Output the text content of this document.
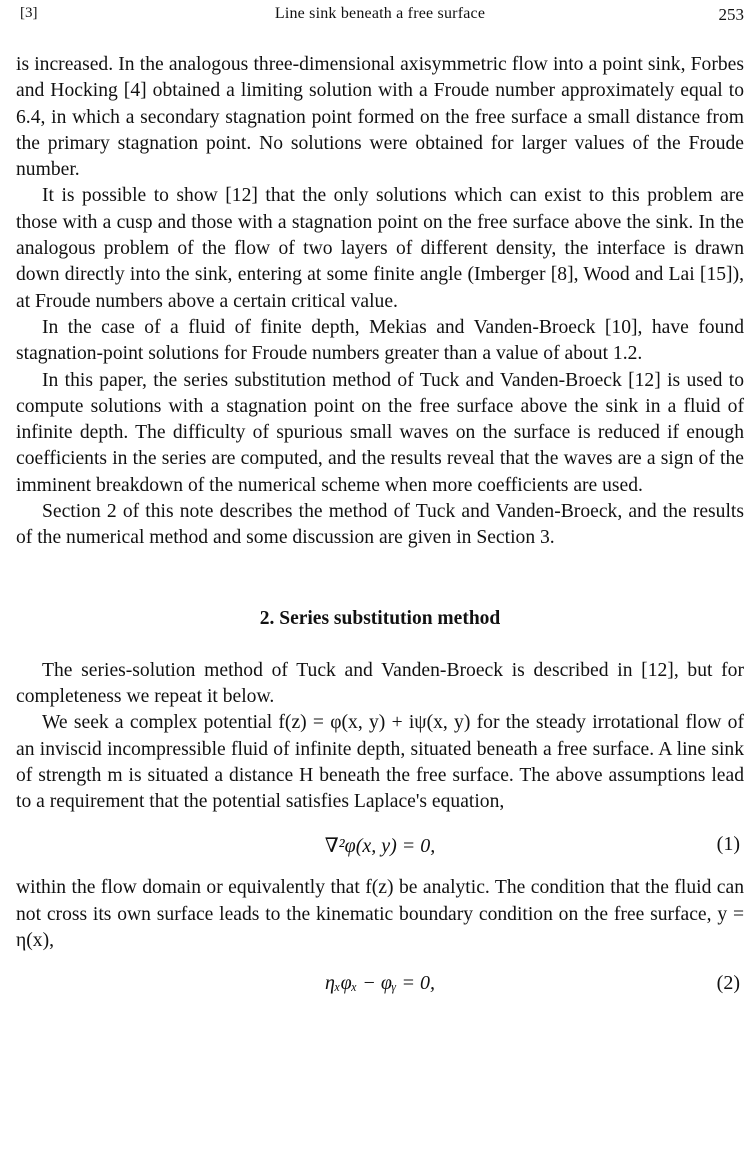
[3]	Line sink beneath a free surface	253

is increased. In the analogous three-dimensional axisymmetric flow into a point sink, Forbes and Hocking [4] obtained a limiting solution with a Froude number approximately equal to 6.4, in which a secondary stagnation point formed on the free surface a small distance from the primary stagnation point. No solutions were obtained for larger values of the Froude number.

It is possible to show [12] that the only solutions which can exist to this problem are those with a cusp and those with a stagnation point on the free surface above the sink. In the analogous problem of the flow of two layers of different density, the interface is drawn down directly into the sink, entering at some finite angle (Imberger [8], Wood and Lai [15]), at Froude numbers above a certain critical value.

In the case of a fluid of finite depth, Mekias and Vanden-Broeck [10], have found stagnation-point solutions for Froude numbers greater than a value of about 1.2.

In this paper, the series substitution method of Tuck and Vanden-Broeck [12] is used to compute solutions with a stagnation point on the free surface above the sink in a fluid of infinite depth. The difficulty of spurious small waves on the surface is reduced if enough coefficients in the series are computed, and the results reveal that the waves are a sign of the imminent breakdown of the numerical scheme when more coefficients are used.

Section 2 of this note describes the method of Tuck and Vanden-Broeck, and the results of the numerical method and some discussion are given in Section 3.

2. Series substitution method

The series-solution method of Tuck and Vanden-Broeck is described in [12], but for completeness we repeat it below.

We seek a complex potential f(z) = φ(x, y) + iψ(x, y) for the steady irrotational flow of an inviscid incompressible fluid of infinite depth, situated beneath a free surface. A line sink of strength m is situated a distance H beneath the free surface. The above assumptions lead to a requirement that the potential satisfies Laplace's equation,

∇²φ(x, y) = 0,	(1)

within the flow domain or equivalently that f(z) be analytic. The condition that the fluid can not cross its own surface leads to the kinematic boundary condition on the free surface, y = η(x),

ηₓφₓ − φᵧ = 0,	(2)
